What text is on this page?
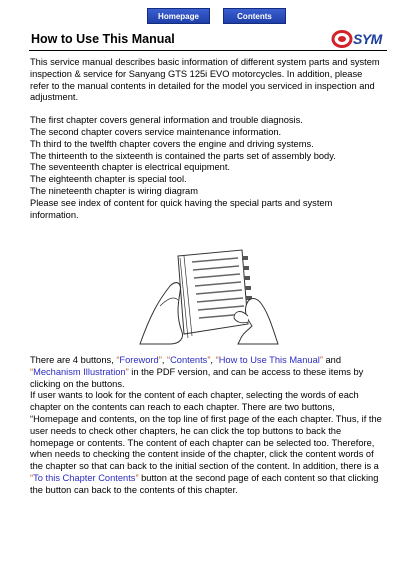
Homepage	Contents
How to Use This Manual	SYM

This service manual describes basic information of different system parts and system inspection & service for Sanyang GTS 125i EVO motorcycles. In addition, please refer to the manual contents in detailed for the model you serviced in inspection and adjustment.

The first chapter covers general information and trouble diagnosis.

The second chapter covers service maintenance information.

Th third to the twelfth chapter covers the engine and driving systems.

The thirteenth to the sixteenth is contained the parts set of assembly body.

The seventeenth chapter is electrical equipment.

The eighteenth chapter is special tool.

The nineteenth chapter is wiring diagram

Please see index of content for quick having the special parts and system information.

There are 4 buttons, “Foreword”, “Contents”, “How to Use This Manual” and “Mechanism Illustration” in the PDF version, and can be access to these items by clicking on the buttons.

If user wants to look for the content of each chapter, selecting the words of each chapter on the contents can reach to each chapter. There are two buttons, “Homepage and contents, on the top line of first page of the each chapter. Thus, if the user needs to check other chapters, he can click the top buttons to back the homepage or contents. The content of each chapter can be selected too. Therefore, when needs to checking the content inside of the chapter, click the content words of the chapter so that can back to the initial section of the content. In addition, there is a “To this Chapter Contents” button at the second page of each content so that clicking the button can back to the contents of this chapter.
